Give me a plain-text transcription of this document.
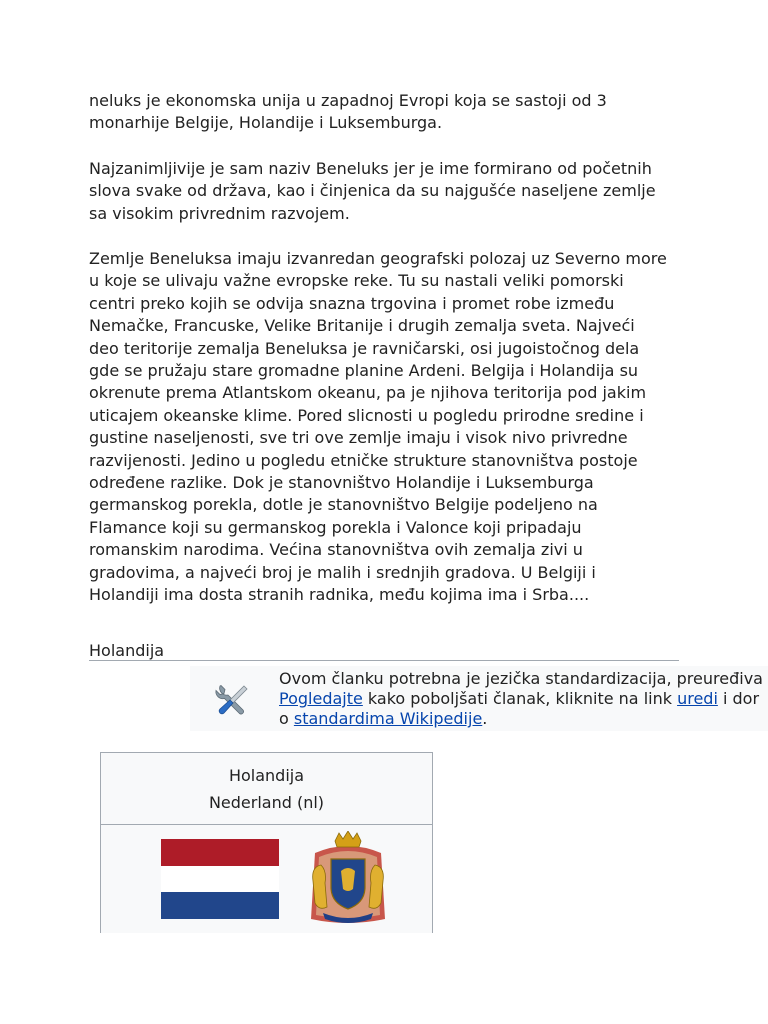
neluks je ekonomska unija u zapadnoj Evropi koja se sastoji od 3
monarhije Belgije, Holandije i Luksemburga.

Najzanimljivije je sam naziv Beneluks jer je ime formirano od početnih
slova svake od država, kao i činjenica da su najgušće naseljene zemlje
sa visokim privrednim razvojem.

Zemlje Beneluksa imaju izvanredan geografski polozaj uz Severno more
u koje se ulivaju važne evropske reke. Tu su nastali veliki pomorski
centri preko kojih se odvija snazna trgovina i promet robe između
Nemačke, Francuske, Velike Britanije i drugih zemalja sveta. Najveći
deo teritorije zemalja Beneluksa je ravničarski, osi jugoistočnog dela
gde se pružaju stare gromadne planine Ardeni. Belgija i Holandija su
okrenute prema Atlantskom okeanu, pa je njihova teritorija pod jakim
uticajem okeanske klime. Pored slicnosti u pogledu prirodne sredine i
gustine naseljenosti, sve tri ove zemlje imaju i visok nivo privredne
razvijenosti. Jedino u pogledu etničke strukture stanovništva postoje
određene razlike. Dok je stanovništvo Holandije i Luksemburga
germanskog porekla, dotle je stanovništvo Belgije podeljeno na
Flamance koji su germanskog porekla i Valonce koji pripadaju
romanskim narodima. Većina stanovništva ovih zemalja zivi u
gradovima, a najveći broj je malih i srednjih gradova. U Belgiji i
Holandiji ima dosta stranih radnika, među kojima ima i Srba....

Holandija
Ovom članku potrebna je jezička standardizacija, preuređiva
Pogledajte kako poboljšati članak, kliknite na link uredi i dor
o standardima Wikipedije.
Holandija
Nederland (nl)
